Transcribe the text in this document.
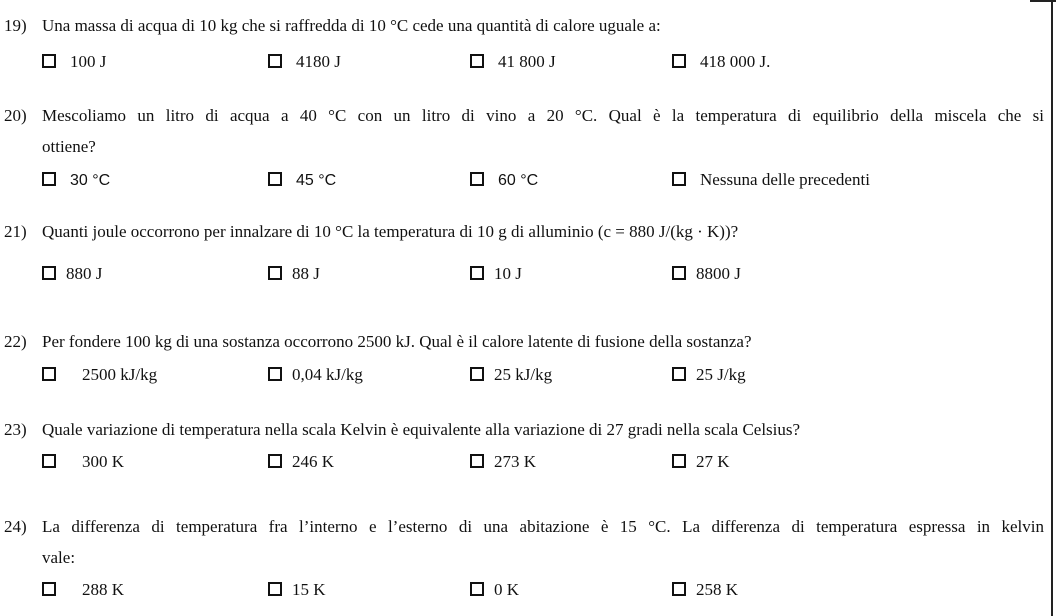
19) Una massa di acqua di 10 kg che si raffredda di 10 °C cede una quantità di calore uguale a:
100 J	4180 J	41 800 J	418 000 J.
20) Mescoliamo un litro di acqua a 40 °C con un litro di vino a 20 °C. Qual è la temperatura di equilibrio della miscela che si
ottiene?
30 °C	45 °C	60 °C	Nessuna delle precedenti
21) Quanti joule occorrono per innalzare di 10 °C la temperatura di 10 g di alluminio (c = 880 J/(kg · K))?
880 J	88 J	10 J	8800 J
22) Per fondere 100 kg di una sostanza occorrono 2500 kJ. Qual è il calore latente di fusione della sostanza?
2500 kJ/kg	0,04 kJ/kg	25 kJ/kg	25 J/kg
23) Quale variazione di temperatura nella scala Kelvin è equivalente alla variazione di 27 gradi nella scala Celsius?
300 K	246 K	273 K	27 K
24) La differenza di temperatura fra l’interno e l’esterno di una abitazione è 15 °C. La differenza di temperatura espressa in kelvin
vale:
288 K	15 K	0 K	258 K
